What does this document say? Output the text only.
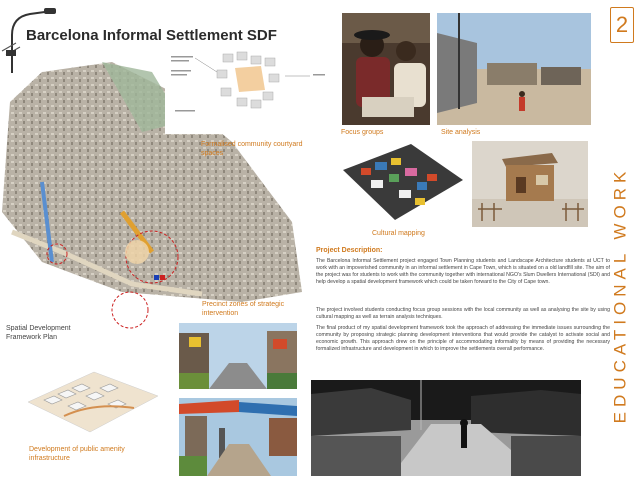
Barcelona Informal Settlement SDF	2
Formalised community courtyard spaces
Precinct zones of strategic intervention
Spatial Development Framework Plan
Development of public amenity infrastructure
Focus groups	Site analysis
Cultural mapping
Project Description:
The Barcelona Informal Settlement project engaged Town Planning students and Landscape Architecture students at UCT to work with an impoverished community in an informal settlement in Cape Town, which is situated on a old landfill site. The aim of the project was for students to work with the community together with international NGO's Slum Dwellers International (SDI) and help develop a spatial development framework which could be taken forward to the City of Cape town.
The project involved students conducting focus group sessions with the local community as well as analysing the site by using cultural mapping as well as terrain analysis techniques.
The final product of my spatial development framework took the approach of addressing the immediate issues surrounding the community by proposing strategic planning development interventions that would provide the catalyst to activate social and economic growth. This approach drew on the principle of accommodating informality by means of providing the necessary formalized infrastructure and development in which to improve the settlements overall performance.	EDUCATIONAL WORK
